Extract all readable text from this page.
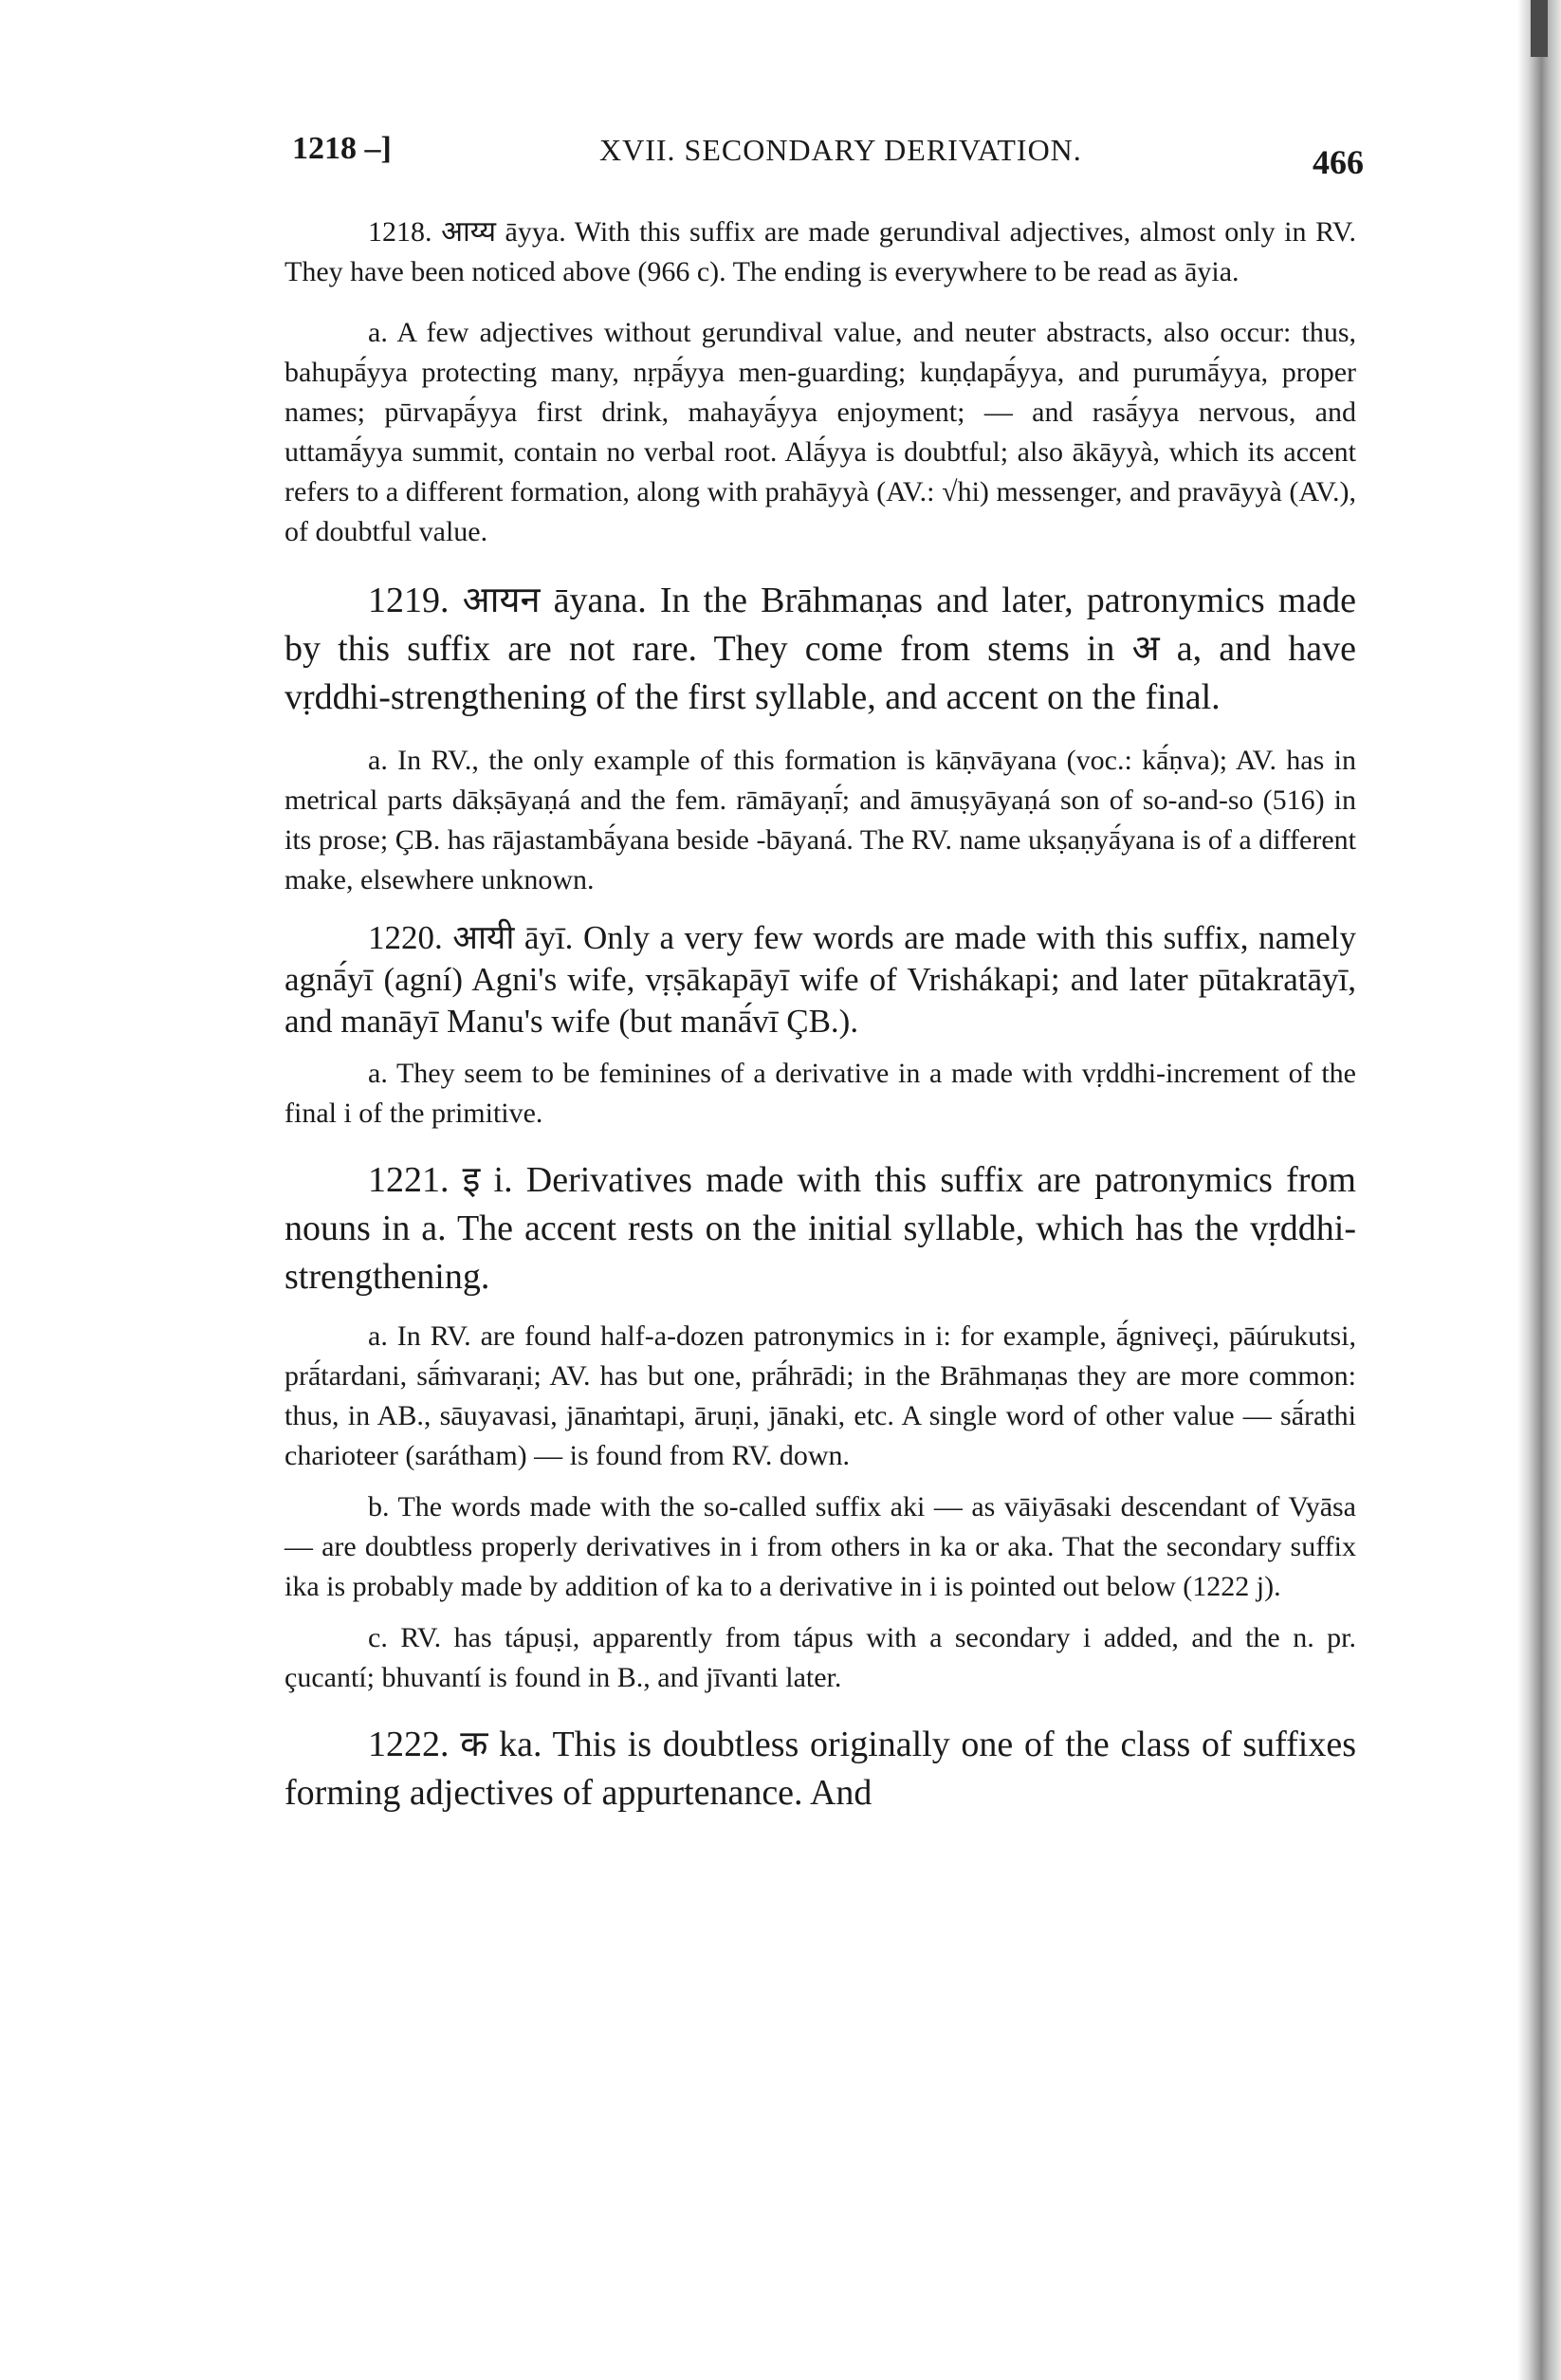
1218 –]	XVII. SECONDARY DERIVATION.	466

1218. आय्य āyya. With this suffix are made gerundival adjectives, almost only in RV. They have been noticed above (966 c). The ending is everywhere to be read as āyia.

a. A few adjectives without gerundival value, and neuter abstracts, also occur: thus, bahupā́yya protecting many, nṛpā́yya men-guarding; kuṇḍapā́yya, and purumā́yya, proper names; pūrvapā́yya first drink, mahayā́yya enjoyment; — and rasā́yya nervous, and uttamā́yya summit, contain no verbal root. Alā́yya is doubtful; also ākāyyà, which its accent refers to a different formation, along with prahāyyà (AV.: √hi) messenger, and pravāyyà (AV.), of doubtful value.

1219. आयन āyana. In the Brāhmaṇas and later, patronymics made by this suffix are not rare. They come from stems in अ a, and have vṛddhi-strengthening of the first syllable, and accent on the final.

a. In RV., the only example of this formation is kāṇvāyana (voc.: kā́ṇva); AV. has in metrical parts dākṣāyaṇá and the fem. rāmāyaṇī́; and āmuṣyāyaṇá son of so-and-so (516) in its prose; ÇB. has rājastambā́yana beside -bāyaná. The RV. name ukṣaṇyā́yana is of a different make, elsewhere unknown.

1220. आयी āyī. Only a very few words are made with this suffix, namely agnā́yī (agní) Agni's wife, vṛṣākapāyī wife of Vrishákapi; and later pūtakratāyī, and manāyī Manu's wife (but manā́vī ÇB.).

a. They seem to be feminines of a derivative in a made with vṛddhi-increment of the final i of the primitive.

1221. इ i. Derivatives made with this suffix are patronymics from nouns in a. The accent rests on the initial syllable, which has the vṛddhi-strengthening.

a. In RV. are found half-a-dozen patronymics in i: for example, ā́gniveçi, pāúrukutsi, prā́tardani, sā́ṁvaraṇi; AV. has but one, prā́hrādi; in the Brāhmaṇas they are more common: thus, in AB., sāuyavasi, jānaṁtapi, āruṇi, jānaki, etc. A single word of other value — sā́rathi charioteer (sarátham) — is found from RV. down.

b. The words made with the so-called suffix aki — as vāiyāsaki descendant of Vyāsa — are doubtless properly derivatives in i from others in ka or aka. That the secondary suffix ika is probably made by addition of ka to a derivative in i is pointed out below (1222 j).

c. RV. has tápuṣi, apparently from tápus with a secondary i added, and the n. pr. çucantí; bhuvantí is found in B., and jīvanti later.

1222. क ka. This is doubtless originally one of the class of suffixes forming adjectives of appurtenance. And
